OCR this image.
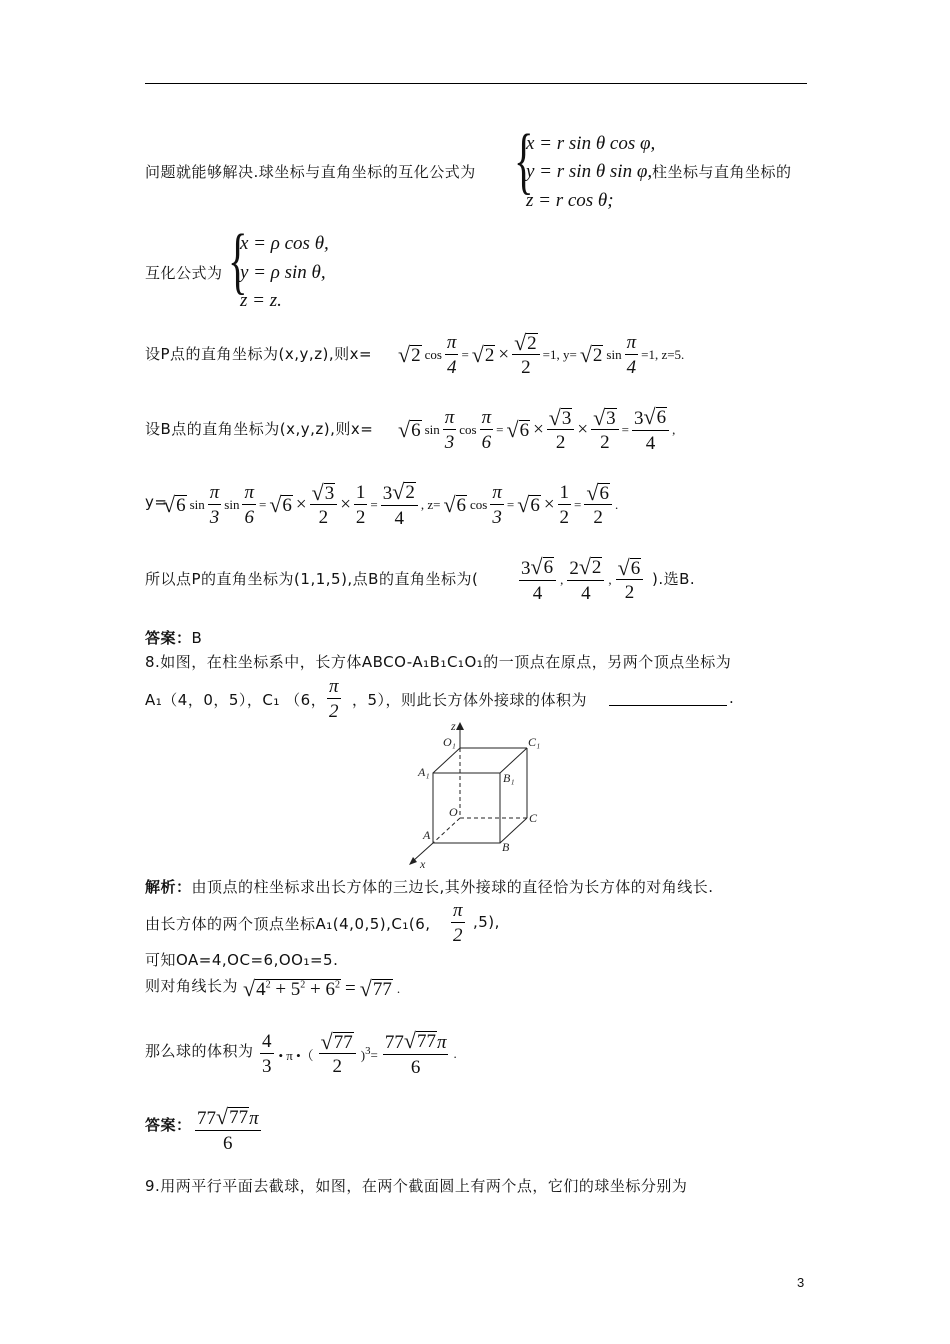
问题就能够解决.球坐标与直角坐标的互化公式为 {
x = r sin θ cos φ,
y = r sin θ sin φ,
z = r cos θ;
柱坐标与直角坐标的
互化公式为 {
x = ρ cos θ,
y = ρ sin θ,
z = z.
设P点的直角坐标为(x,y,z),则x= √ 2 $\cos \frac{\pi}{4}$ = √ $2 \times \frac{√ 2}{2} =1$, y= √ 2 $\sin \frac{\pi}{4} =1$, z=5.
设B点的直角坐标为(x,y,z),则x= √ 6 $\sin \frac{\pi}{3}$ $\cos \frac{\pi}{6}$ = √ $6 \times \frac{√ 3}{2} \times \frac{√ 3}{2} = \frac{3 √ 6}{4}$ ,
y=
√ 6 $\sin \frac{\pi}{3}$ $\sin \frac{\pi}{6}$ = √ $6 \times \frac{√ 3}{2} \times \frac{1}{2} = \frac{3 √ 2}{4}$ , z= √ 6 $\cos \frac{\pi}{3}$ = √ $6 \times \frac{1}{2} = \frac{√ 6}{2}$ .
所以点P的直角坐标为(1,1,5),点B的直角坐标为( $\frac{3 √ 6}{4}$ , $\frac{2 √ 2}{4}$ , $\frac{√ 6}{2}$ ).选B.
答案：B
8.如图，在柱坐标系中，长方体ABCO-A₁B₁C₁O₁的一顶点在原点，另两个顶点坐标为
A₁（4，0，5），C₁ （6， $\frac{\pi}{2}$ ，5），则此长方体外接球的体积为	.
z
O₁	C₁
A₁	B₁
O	C
A
B
x
解析：由顶点的柱坐标求出长方体的三边长,其外接球的直径恰为长方体的对角线长.
由长方体的两个顶点坐标A₁(4,0,5),C₁(6, $\frac{\pi}{2} ,5$),
可知OA=4,OC=6,OO₁=5.
则对角线长为 √ $4^2 + 5^2 + 6^2$ = √ 77 .
那么球的体积为 $\frac{4}{3}$ • π •（ $\frac{√ 77}{2} )^3= \frac{77 √ 77 \pi}{6}$ .
答案： $\frac{77 √ 77 \pi}{6}$
9.用两平行平面去截球，如图，在两个截面圆上有两个点，它们的球坐标分别为
3
